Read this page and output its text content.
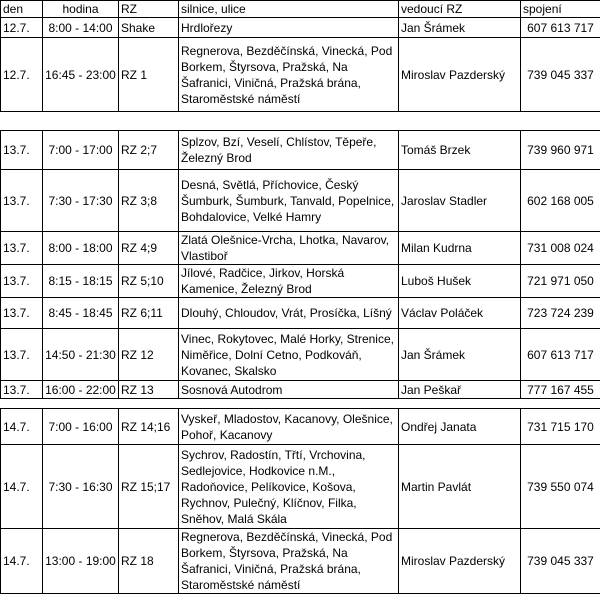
den	hodina	RZ	silnice, ulice	vedoucí RZ	spojení
12.7.	8:00 - 14:00	Shake	Hrdlořezy	Jan Šrámek	607 613 717
12.7.	16:45 - 23:00	RZ 1	Regnerova, Bezděčínská, Vinecká, Pod Borkem, Štyrsova, Pražská, Na Šafranici, Viničná, Pražská brána, Staroměstské náměstí	Miroslav Pazderský	739 045 337
13.7.	7:00 - 17:00	RZ 2;7	Splzov, Bzí, Veselí, Chlístov, Těpeře, Železný Brod	Tomáš Brzek	739 960 971
13.7.	7:30 - 17:30	RZ 3;8	Desná, Světlá, Příchovice, Český Šumburk, Šumburk, Tanvald, Popelnice, Bohdalovice, Velké Hamry	Jaroslav Stadler	602 168 005
13.7.	8:00 - 18:00	RZ 4;9	Zlatá Olešnice-Vrcha, Lhotka, Navarov, Vlastiboř	Milan Kudrna	731 008 024
13.7.	8:15 - 18:15	RZ 5;10	Jílové, Radčice, Jirkov, Horská Kamenice, Železný Brod	Luboš Hušek	721 971 050
13.7.	8:45 - 18:45	RZ 6;11	Dlouhý, Chloudov, Vrát, Prosíčka, Líšný	Václav Poláček	723 724 239
13.7.	14:50 - 21:30	RZ 12	Vinec, Rokytovec, Malé Horky, Strenice, Niměřice, Dolní Cetno, Podkováň, Kovanec, Skalsko	Jan Šrámek	607 613 717
13.7.	16:00 - 22:00	RZ 13	Sosnová Autodrom	Jan Peškař	777 167 455
14.7.	7:00 - 16:00	RZ 14;16	Vyskeř, Mladostov, Kacanovy, Olešnice, Pohoř, Kacanovy	Ondřej Janata	731 715 170
14.7.	7:30 - 16:30	RZ 15;17	Sychrov, Radostín, Třtí, Vrchovina, Sedlejovice, Hodkovice n.M., Radoňovice, Pelíkovice, Košova, Rychnov, Pulečný, Klíčnov, Filka, Sněhov, Malá Skála	Martin Pavlát	739 550 074
14.7.	13:00 - 19:00	RZ 18	Regnerova, Bezděčínská, Vinecká, Pod Borkem, Štyrsova, Pražská, Na Šafranici, Viničná, Pražská brána, Staroměstské náměstí	Miroslav Pazderský	739 045 337
